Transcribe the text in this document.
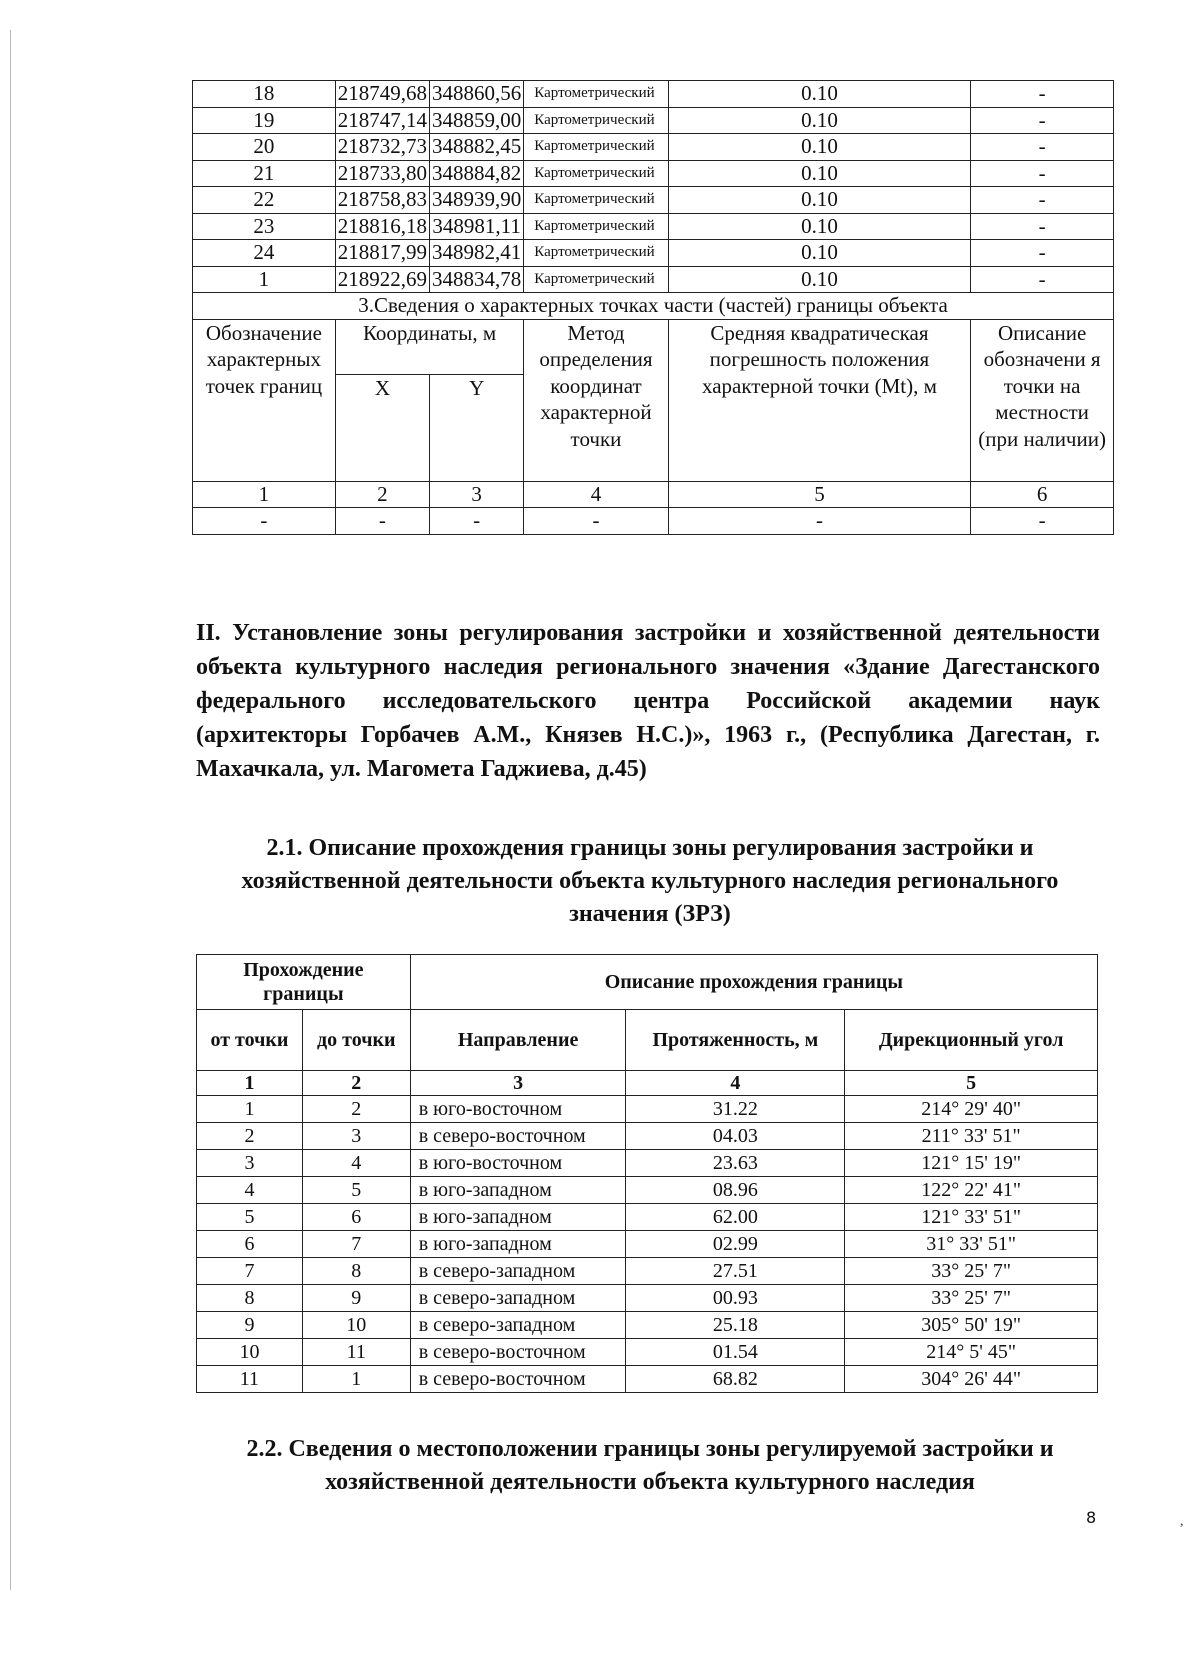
18	218749,68	348860,56	Картометрический	0.10	-
19	218747,14	348859,00	Картометрический	0.10	-
20	218732,73	348882,45	Картометрический	0.10	-
21	218733,80	348884,82	Картометрический	0.10	-
22	218758,83	348939,90	Картометрический	0.10	-
23	218816,18	348981,11	Картометрический	0.10	-
24	218817,99	348982,41	Картометрический	0.10	-
1	218922,69	348834,78	Картометрический	0.10	-
3.Сведения о характерных точках части (частей) границы объекта					
Обозначение характерных точек границ	Координаты, м		Метод определения координат характерной точки	Средняя квадратическая погрешность положения характерной точки (Mt), м	Описание обозначени я точки на местности (при наличии)
	X	Y			
1	2	3	4	5	6
-	-	-	-	-	-
II. Установление зоны регулирования застройки и хозяйственной деятельности объекта культурного наследия регионального значения «Здание Дагестанского федерального исследовательского центра Российской академии наук (архитекторы Горбачев А.М., Князев Н.С.)», 1963 г., (Республика Дагестан, г. Махачкала, ул. Магомета Гаджиева, д.45)
2.1. Описание прохождения границы зоны регулирования застройки и хозяйственной деятельности объекта культурного наследия регионального значения (ЗРЗ)
Прохождение границы		Описание прохождения границы		
от точки	до точки			
		Направление	Протяженность, м	Дирекционный угол
1	2	3	4	5
1	2	в юго-восточном	31.22	214° 29' 40"
2	3	в северо-восточном	04.03	211° 33' 51"
3	4	в юго-восточном	23.63	121° 15' 19"
4	5	в юго-западном	08.96	122° 22' 41"
5	6	в юго-западном	62.00	121° 33' 51"
6	7	в юго-западном	02.99	31° 33' 51"
7	8	в северо-западном	27.51	33° 25' 7"
8	9	в северо-западном	00.93	33° 25' 7"
9	10	в северо-западном	25.18	305° 50' 19"
10	11	в северо-восточном	01.54	214° 5' 45"
11	1	в северо-восточном	68.82	304° 26' 44"
2.2. Сведения о местоположении границы зоны регулируемой застройки и хозяйственной деятельности объекта культурного наследия
8	,
